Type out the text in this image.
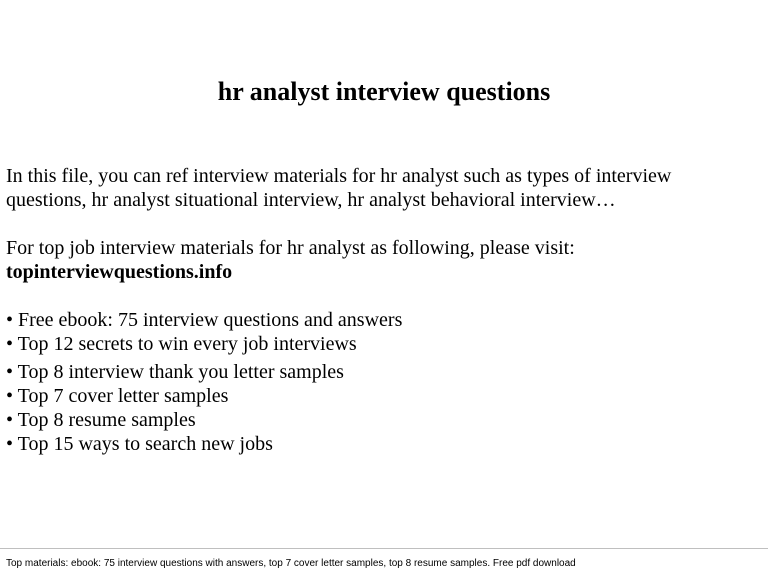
hr analyst interview questions

In this file, you can ref interview materials for hr analyst such as types of interview
questions, hr analyst situational interview, hr analyst behavioral interview…

For top job interview materials for hr analyst as following, please visit:
topinterviewquestions.info

• Free ebook: 75 interview questions and answers
• Top 12 secrets to win every job interviews
• Top 8 interview thank you letter samples
• Top 7 cover letter samples
• Top 8 resume samples
• Top 15 ways to search new jobs
Top materials: ebook: 75 interview questions with answers, top 7 cover letter samples, top 8 resume samples. Free pdf download
